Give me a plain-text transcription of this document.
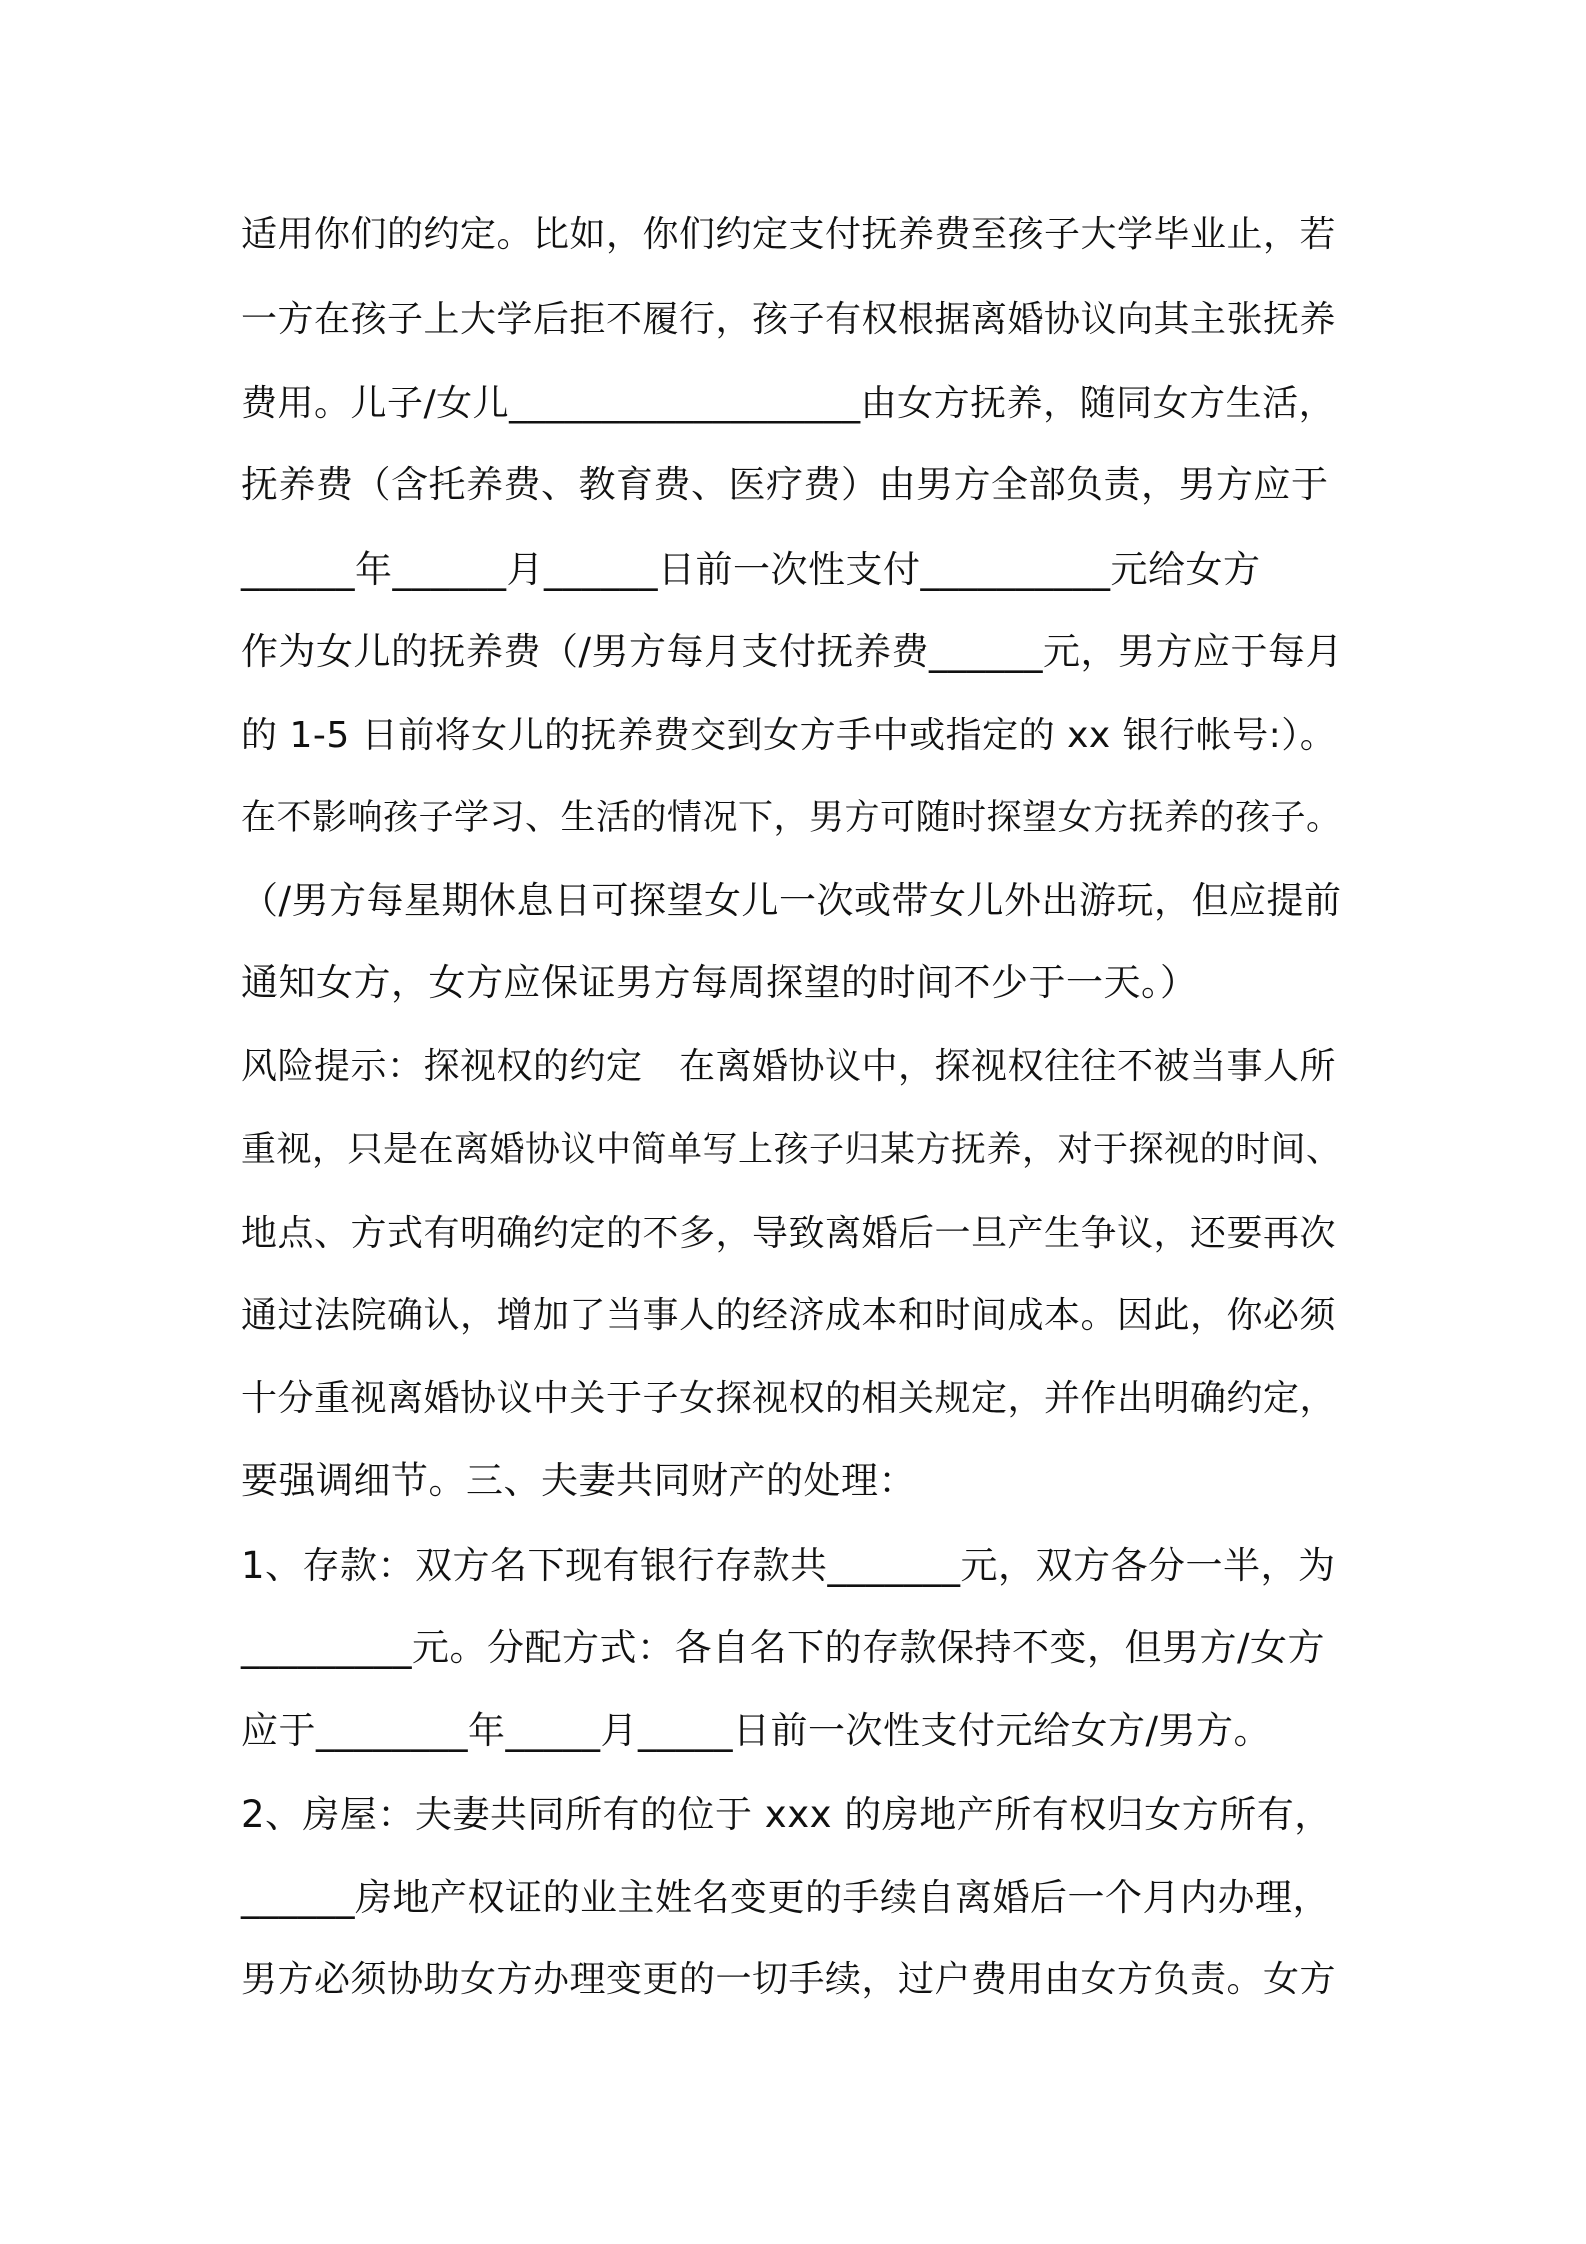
适用你们的约定。比如，你们约定支付抚养费至孩子大学毕业止，若
一方在孩子上大学后拒不履行，孩子有权根据离婚协议向其主张抚养
费用。儿子/女儿___________________由女方抚养，随同女方生活，
抚养费（含托养费、教育费、医疗费）由男方全部负责，男方应于
______年______月______日前一次性支付__________元给女方
作为女儿的抚养费（/男方每月支付抚养费______元，男方应于每月
的 1-5 日前将女儿的抚养费交到女方手中或指定的 xx 银行帐号:）。
在不影响孩子学习、生活的情况下，男方可随时探望女方抚养的孩子。
（/男方每星期休息日可探望女儿一次或带女儿外出游玩，但应提前
通知女方，女方应保证男方每周探望的时间不少于一天。）
风险提示：探视权的约定　在离婚协议中，探视权往往不被当事人所
重视，只是在离婚协议中简单写上孩子归某方抚养，对于探视的时间、
地点、方式有明确约定的不多，导致离婚后一旦产生争议，还要再次
通过法院确认，增加了当事人的经济成本和时间成本。因此，你必须
十分重视离婚协议中关于子女探视权的相关规定，并作出明确约定，
要强调细节。三、夫妻共同财产的处理：
1、存款：双方名下现有银行存款共_______元，双方各分一半，为
_________元。分配方式：各自名下的存款保持不变，但男方/女方
应于________年_____月_____日前一次性支付元给女方/男方。
2、房屋：夫妻共同所有的位于 xxx 的房地产所有权归女方所有，
______房地产权证的业主姓名变更的手续自离婚后一个月内办理，
男方必须协助女方办理变更的一切手续，过户费用由女方负责。女方
